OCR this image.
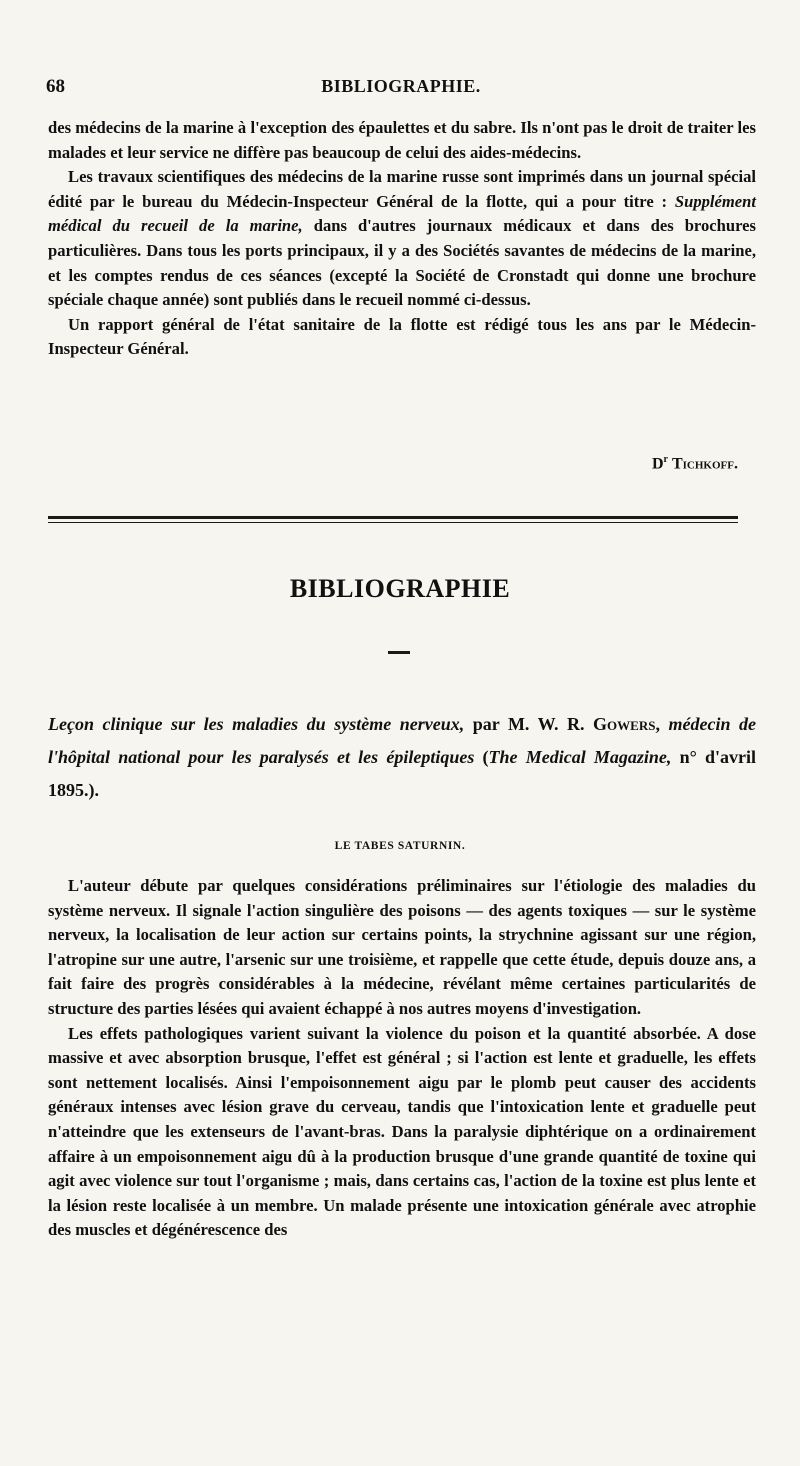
68	BIBLIOGRAPHIE.

des médecins de la marine à l'exception des épaulettes et du sabre. Ils n'ont pas le droit de traiter les malades et leur service ne diffère pas beaucoup de celui des aides-médecins.

Les travaux scientifiques des médecins de la marine russe sont imprimés dans un journal spécial édité par le bureau du Médecin-Inspecteur Général de la flotte, qui a pour titre : Supplément médical du recueil de la marine, dans d'autres journaux médicaux et dans des brochures particulières. Dans tous les ports principaux, il y a des Sociétés savantes de médecins de la marine, et les comptes rendus de ces séances (excepté la Société de Cronstadt qui donne une brochure spéciale chaque année) sont publiés dans le recueil nommé ci-dessus.

Un rapport général de l'état sanitaire de la flotte est rédigé tous les ans par le Médecin-Inspecteur Général.

$D^r$ Tichkoff.
BIBLIOGRAPHIE
Leçon clinique sur les maladies du système nerveux, par M. W. R. Gowers, médecin de l'hôpital national pour les paralysés et les épileptiques (The Medical Magazine, n° d'avril 1895.).
LE TABES SATURNIN.

L'auteur débute par quelques considérations préliminaires sur l'étiologie des maladies du système nerveux. Il signale l'action singulière des poisons — des agents toxiques — sur le système nerveux, la localisation de leur action sur certains points, la strychnine agissant sur une région, l'atropine sur une autre, l'arsenic sur une troisième, et rappelle que cette étude, depuis douze ans, a fait faire des progrès considérables à la médecine, révélant même certaines particularités de structure des parties lésées qui avaient échappé à nos autres moyens d'investigation.

Les effets pathologiques varient suivant la violence du poison et la quantité absorbée. A dose massive et avec absorption brusque, l'effet est général ; si l'action est lente et graduelle, les effets sont nettement localisés. Ainsi l'empoisonnement aigu par le plomb peut causer des accidents généraux intenses avec lésion grave du cerveau, tandis que l'intoxication lente et graduelle peut n'atteindre que les extenseurs de l'avant-bras. Dans la paralysie diphtérique on a ordinairement affaire à un empoisonnement aigu dû à la production brusque d'une grande quantité de toxine qui agit avec violence sur tout l'organisme ; mais, dans certains cas, l'action de la toxine est plus lente et la lésion reste localisée à un membre. Un malade présente une intoxication générale avec atrophie des muscles et dégénérescence des
